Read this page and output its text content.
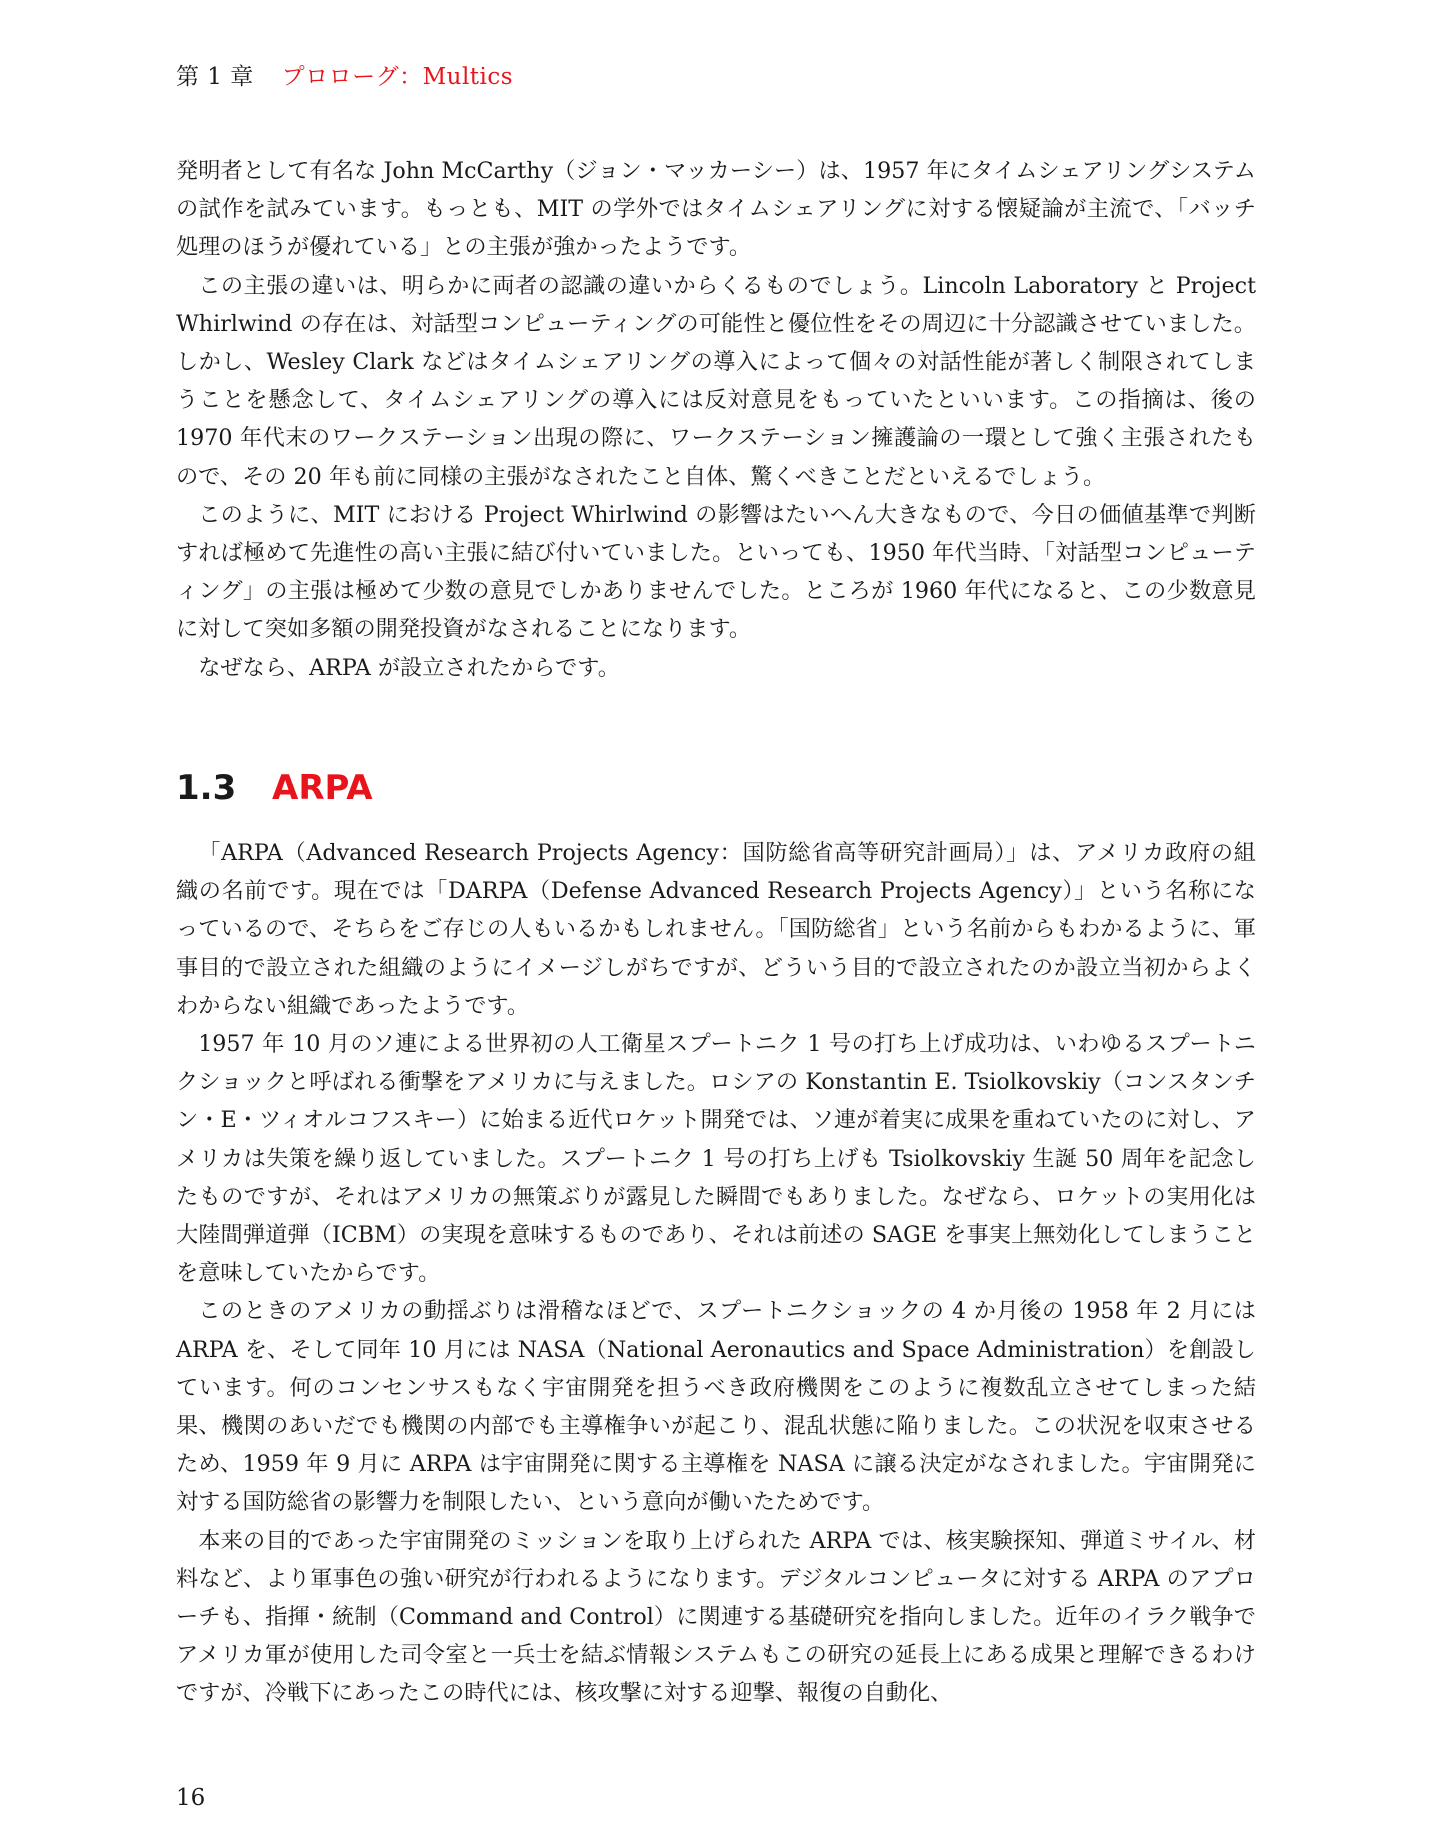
第 1 章 プロローグ：Multics

発明者として有名な John McCarthy（ジョン・マッカーシー）は、1957 年にタイムシェアリングシステムの試作を試みています。もっとも、MIT の学外ではタイムシェアリングに対する懐疑論が主流で、「バッチ処理のほうが優れている」との主張が強かったようです。

この主張の違いは、明らかに両者の認識の違いからくるものでしょう。Lincoln Laboratory と Project Whirlwind の存在は、対話型コンピューティングの可能性と優位性をその周辺に十分認識させていました。しかし、Wesley Clark などはタイムシェアリングの導入によって個々の対話性能が著しく制限されてしまうことを懸念して、タイムシェアリングの導入には反対意見をもっていたといいます。この指摘は、後の 1970 年代末のワークステーション出現の際に、ワークステーション擁護論の一環として強く主張されたもので、その 20 年も前に同様の主張がなされたこと自体、驚くべきことだといえるでしょう。

このように、MIT における Project Whirlwind の影響はたいへん大きなもので、今日の価値基準で判断すれば極めて先進性の高い主張に結び付いていました。といっても、1950 年代当時、「対話型コンピューティング」の主張は極めて少数の意見でしかありませんでした。ところが 1960 年代になると、この少数意見に対して突如多額の開発投資がなされることになります。

なぜなら、ARPA が設立されたからです。

1.3 ARPA

「ARPA（Advanced Research Projects Agency：国防総省高等研究計画局）」は、アメリカ政府の組織の名前です。現在では「DARPA（Defense Advanced Research Projects Agency）」という名称になっているので、そちらをご存じの人もいるかもしれません。「国防総省」という名前からもわかるように、軍事目的で設立された組織のようにイメージしがちですが、どういう目的で設立されたのか設立当初からよくわからない組織であったようです。

1957 年 10 月のソ連による世界初の人工衛星スプートニク 1 号の打ち上げ成功は、いわゆるスプートニクショックと呼ばれる衝撃をアメリカに与えました。ロシアの Konstantin E. Tsiolkovskiy（コンスタンチン・E・ツィオルコフスキー）に始まる近代ロケット開発では、ソ連が着実に成果を重ねていたのに対し、アメリカは失策を繰り返していました。スプートニク 1 号の打ち上げも Tsiolkovskiy 生誕 50 周年を記念したものですが、それはアメリカの無策ぶりが露見した瞬間でもありました。なぜなら、ロケットの実用化は大陸間弾道弾（ICBM）の実現を意味するものであり、それは前述の SAGE を事実上無効化してしまうことを意味していたからです。

このときのアメリカの動揺ぶりは滑稽なほどで、スプートニクショックの 4 か月後の 1958 年 2 月には ARPA を、そして同年 10 月には NASA（National Aeronautics and Space Administration）を創設しています。何のコンセンサスもなく宇宙開発を担うべき政府機関をこのように複数乱立させてしまった結果、機関のあいだでも機関の内部でも主導権争いが起こり、混乱状態に陥りました。この状況を収束させるため、1959 年 9 月に ARPA は宇宙開発に関する主導権を NASA に譲る決定がなされました。宇宙開発に対する国防総省の影響力を制限したい、という意向が働いたためです。

本来の目的であった宇宙開発のミッションを取り上げられた ARPA では、核実験探知、弾道ミサイル、材料など、より軍事色の強い研究が行われるようになります。デジタルコンピュータに対する ARPA のアプローチも、指揮・統制（Command and Control）に関連する基礎研究を指向しました。近年のイラク戦争でアメリカ軍が使用した司令室と一兵士を結ぶ情報システムもこの研究の延長上にある成果と理解できるわけですが、冷戦下にあったこの時代には、核攻撃に対する迎撃、報復の自動化、

16
